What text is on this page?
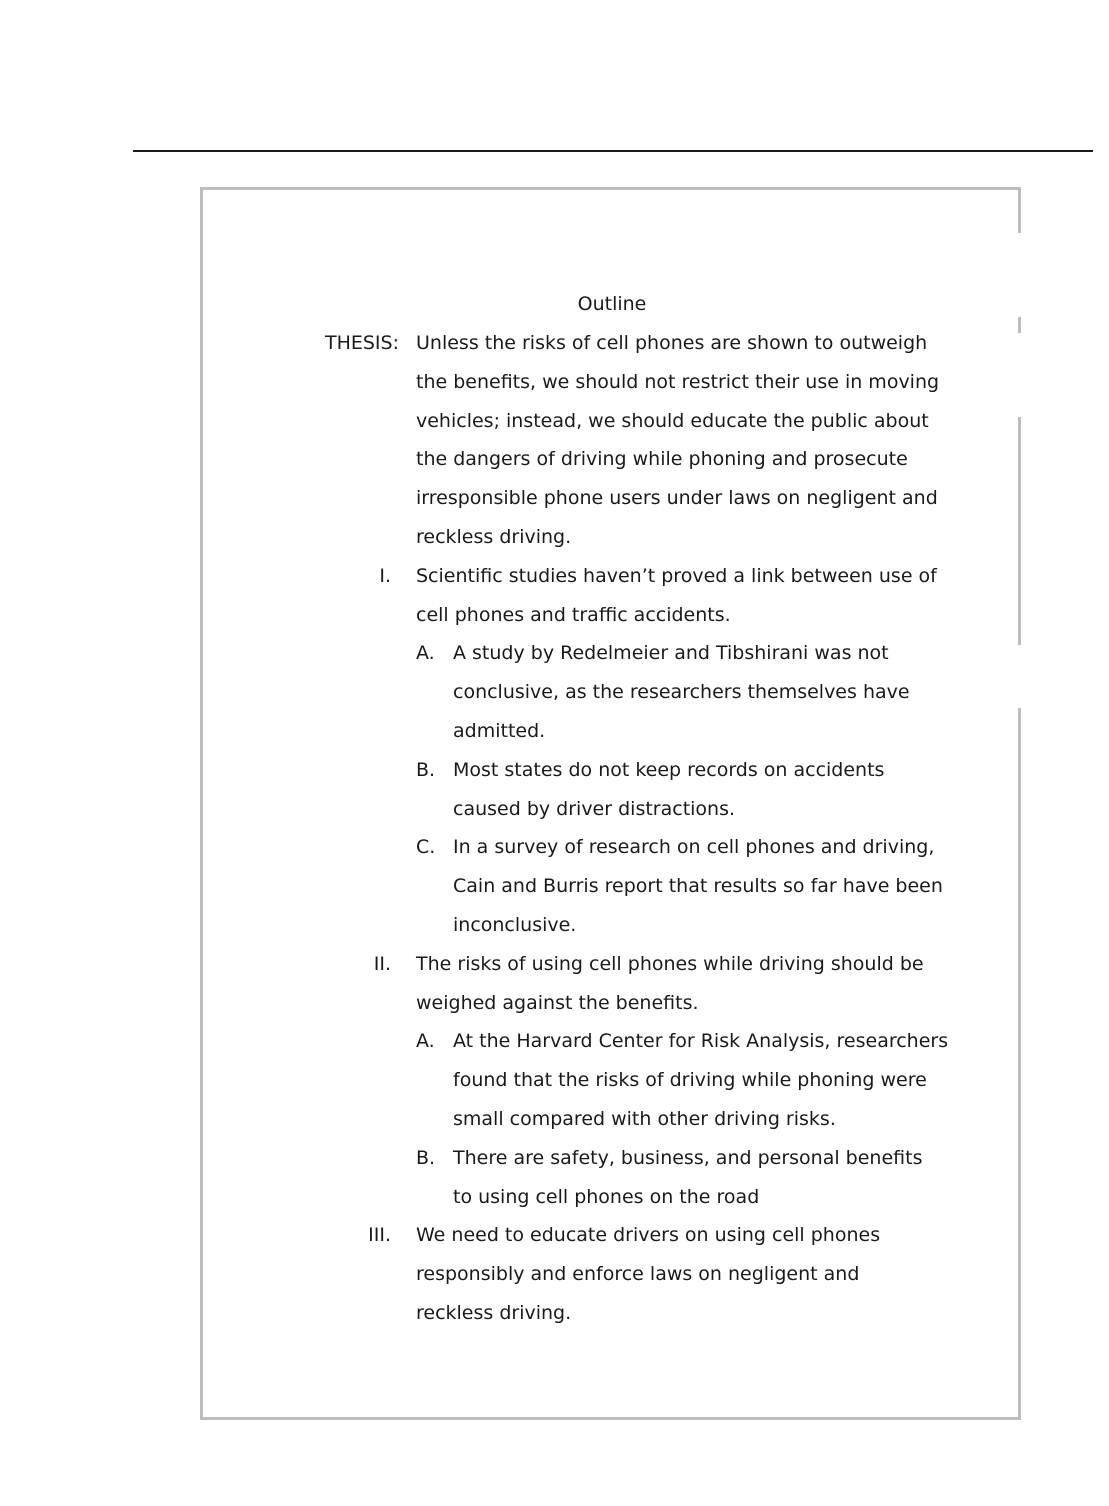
Outline
THESIS: Unless the risks of cell phones are shown to outweigh
the benefits, we should not restrict their use in moving
vehicles; instead, we should educate the public about
the dangers of driving while phoning and prosecute
irresponsible phone users under laws on negligent and
reckless driving.
I. Scientific studies haven’t proved a link between use of
cell phones and traffic accidents.
A. A study by Redelmeier and Tibshirani was not
conclusive, as the researchers themselves have
admitted.
B. Most states do not keep records on accidents
caused by driver distractions.
C. In a survey of research on cell phones and driving,
Cain and Burris report that results so far have been
inconclusive.
II. The risks of using cell phones while driving should be
weighed against the benefits.
A. At the Harvard Center for Risk Analysis, researchers
found that the risks of driving while phoning were
small compared with other driving risks.
B. There are safety, business, and personal benefits
to using cell phones on the road
III. We need to educate drivers on using cell phones
responsibly and enforce laws on negligent and
reckless driving.
